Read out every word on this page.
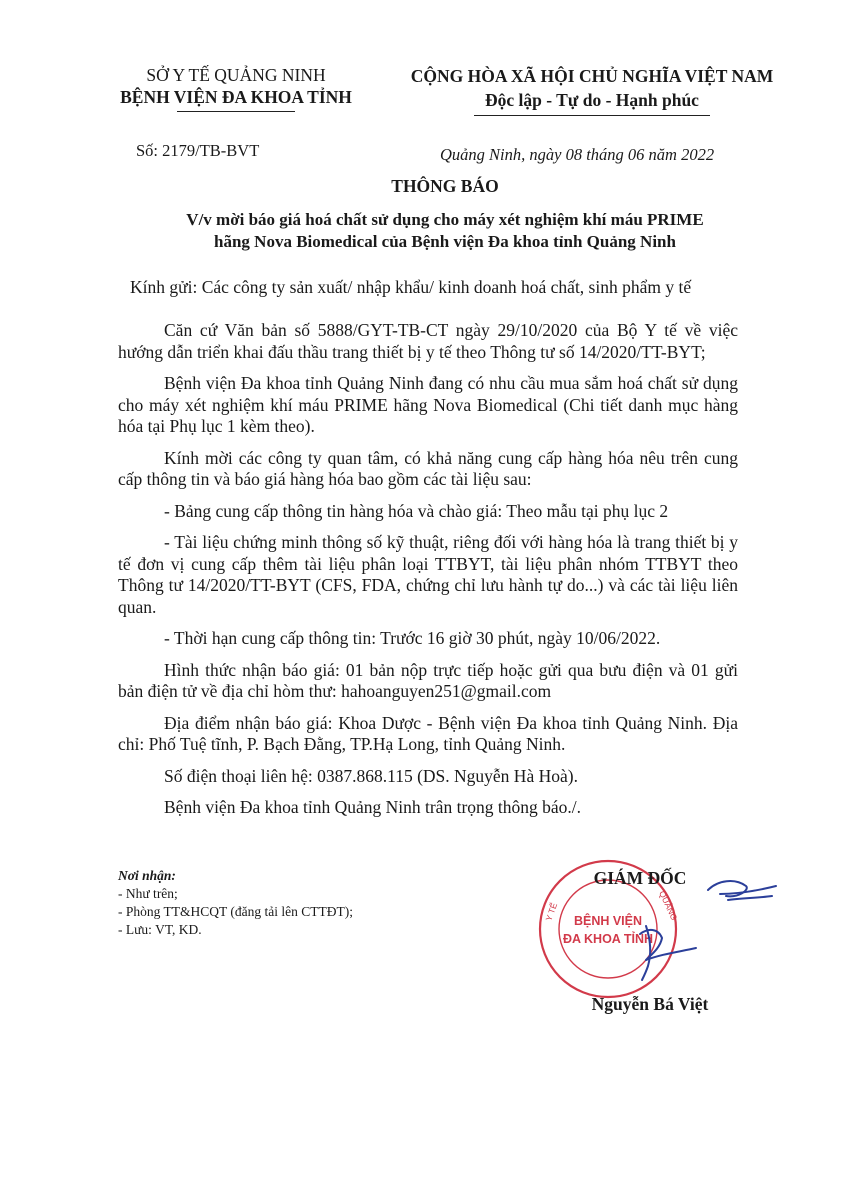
SỞ Y TẾ QUẢNG NINH
BỆNH VIỆN ĐA KHOA TỈNH
CỘNG HÒA XÃ HỘI CHỦ NGHĨA VIỆT NAM
Độc lập - Tự do - Hạnh phúc
Số: 2179/TB-BVT	Quảng Ninh, ngày 08 tháng 06 năm 2022
THÔNG BÁO
V/v mời báo giá hoá chất sử dụng cho máy xét nghiệm khí máu PRIME
hãng Nova Biomedical của Bệnh viện Đa khoa tỉnh Quảng Ninh
Kính gửi: Các công ty sản xuất/ nhập khẩu/ kinh doanh hoá chất, sinh phẩm y tế

Căn cứ Văn bản số 5888/GYT-TB-CT ngày 29/10/2020 của Bộ Y tế về việc hướng dẫn triển khai đấu thầu trang thiết bị y tế theo Thông tư số 14/2020/TT-BYT;

Bệnh viện Đa khoa tỉnh Quảng Ninh đang có nhu cầu mua sắm hoá chất sử dụng cho máy xét nghiệm khí máu PRIME hãng Nova Biomedical (Chi tiết danh mục hàng hóa tại Phụ lục 1 kèm theo).

Kính mời các công ty quan tâm, có khả năng cung cấp hàng hóa nêu trên cung cấp thông tin và báo giá hàng hóa bao gồm các tài liệu sau:

- Bảng cung cấp thông tin hàng hóa và chào giá: Theo mẫu tại phụ lục 2

- Tài liệu chứng minh thông số kỹ thuật, riêng đối với hàng hóa là trang thiết bị y tế đơn vị cung cấp thêm tài liệu phân loại TTBYT, tài liệu phân nhóm TTBYT theo Thông tư 14/2020/TT-BYT (CFS, FDA, chứng chỉ lưu hành tự do...) và các tài liệu liên quan.

- Thời hạn cung cấp thông tin: Trước 16 giờ 30 phút, ngày 10/06/2022.

Hình thức nhận báo giá: 01 bản nộp trực tiếp hoặc gửi qua bưu điện và 01 gửi bản điện tử về địa chỉ hòm thư: hahoanguyen251@gmail.com

Địa điểm nhận báo giá: Khoa Dược - Bệnh viện Đa khoa tỉnh Quảng Ninh. Địa chỉ: Phố Tuệ tĩnh, P. Bạch Đằng, TP.Hạ Long, tỉnh Quảng Ninh.

Số điện thoại liên hệ: 0387.868.115 (DS. Nguyễn Hà Hoà).

Bệnh viện Đa khoa tỉnh Quảng Ninh trân trọng thông báo./.

Nơi nhận:
- Như trên;
- Phòng TT&HCQT (đăng tải lên CTTĐT);
- Lưu: VT, KD.
BỆNH VIỆN
ĐA KHOA TỈNH
Y TẾ	QUẢNG
GIÁM ĐỐC
Nguyễn Bá Việt
